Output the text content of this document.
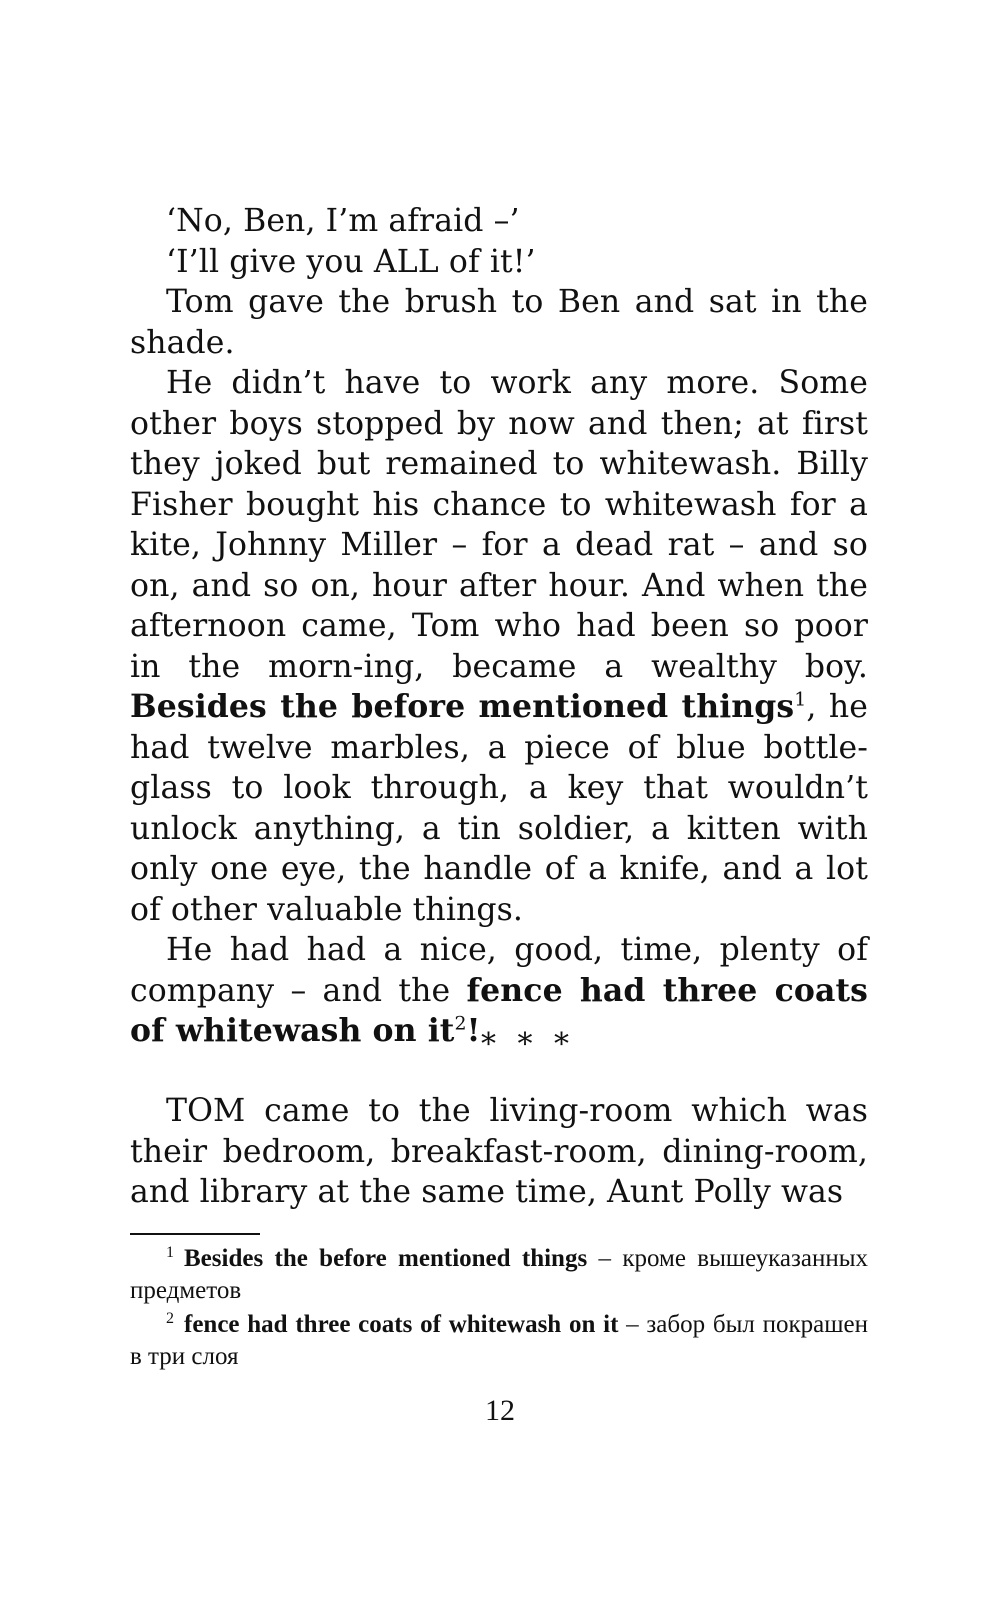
‘No, Ben, I’m afraid –’

‘I’ll give you ALL of it!’

Tom gave the brush to Ben and sat in the shade.

He didn’t have to work any more. Some other boys stopped by now and then; at first they joked but remained to whitewash. Billy Fisher bought his chance to whitewash for a kite, Johnny Miller – for a dead rat – and so on, and so on, hour after hour. And when the afternoon came, Tom who had been so poor in the morn-ing, became a wealthy boy. Besides the before mentioned things$^1$, he had twelve marbles, a piece of blue bottle-glass to look through, a key that wouldn’t unlock anything, a tin soldier, a kitten with only one eye, the handle of a knife, and a lot of other valuable things.

He had had a nice, good, time, plenty of company – and the fence had three coats of whitewash on $it^2$! * * *

TOM came to the living-room which was their bedroom, breakfast-room, dining-room, and library at the same time, Aunt Polly was

$^1$ Besides the before mentioned things – кроме вышеуказанных предметов

$^2$ fence had three coats of whitewash on it – забор был покрашен в три слоя

12
